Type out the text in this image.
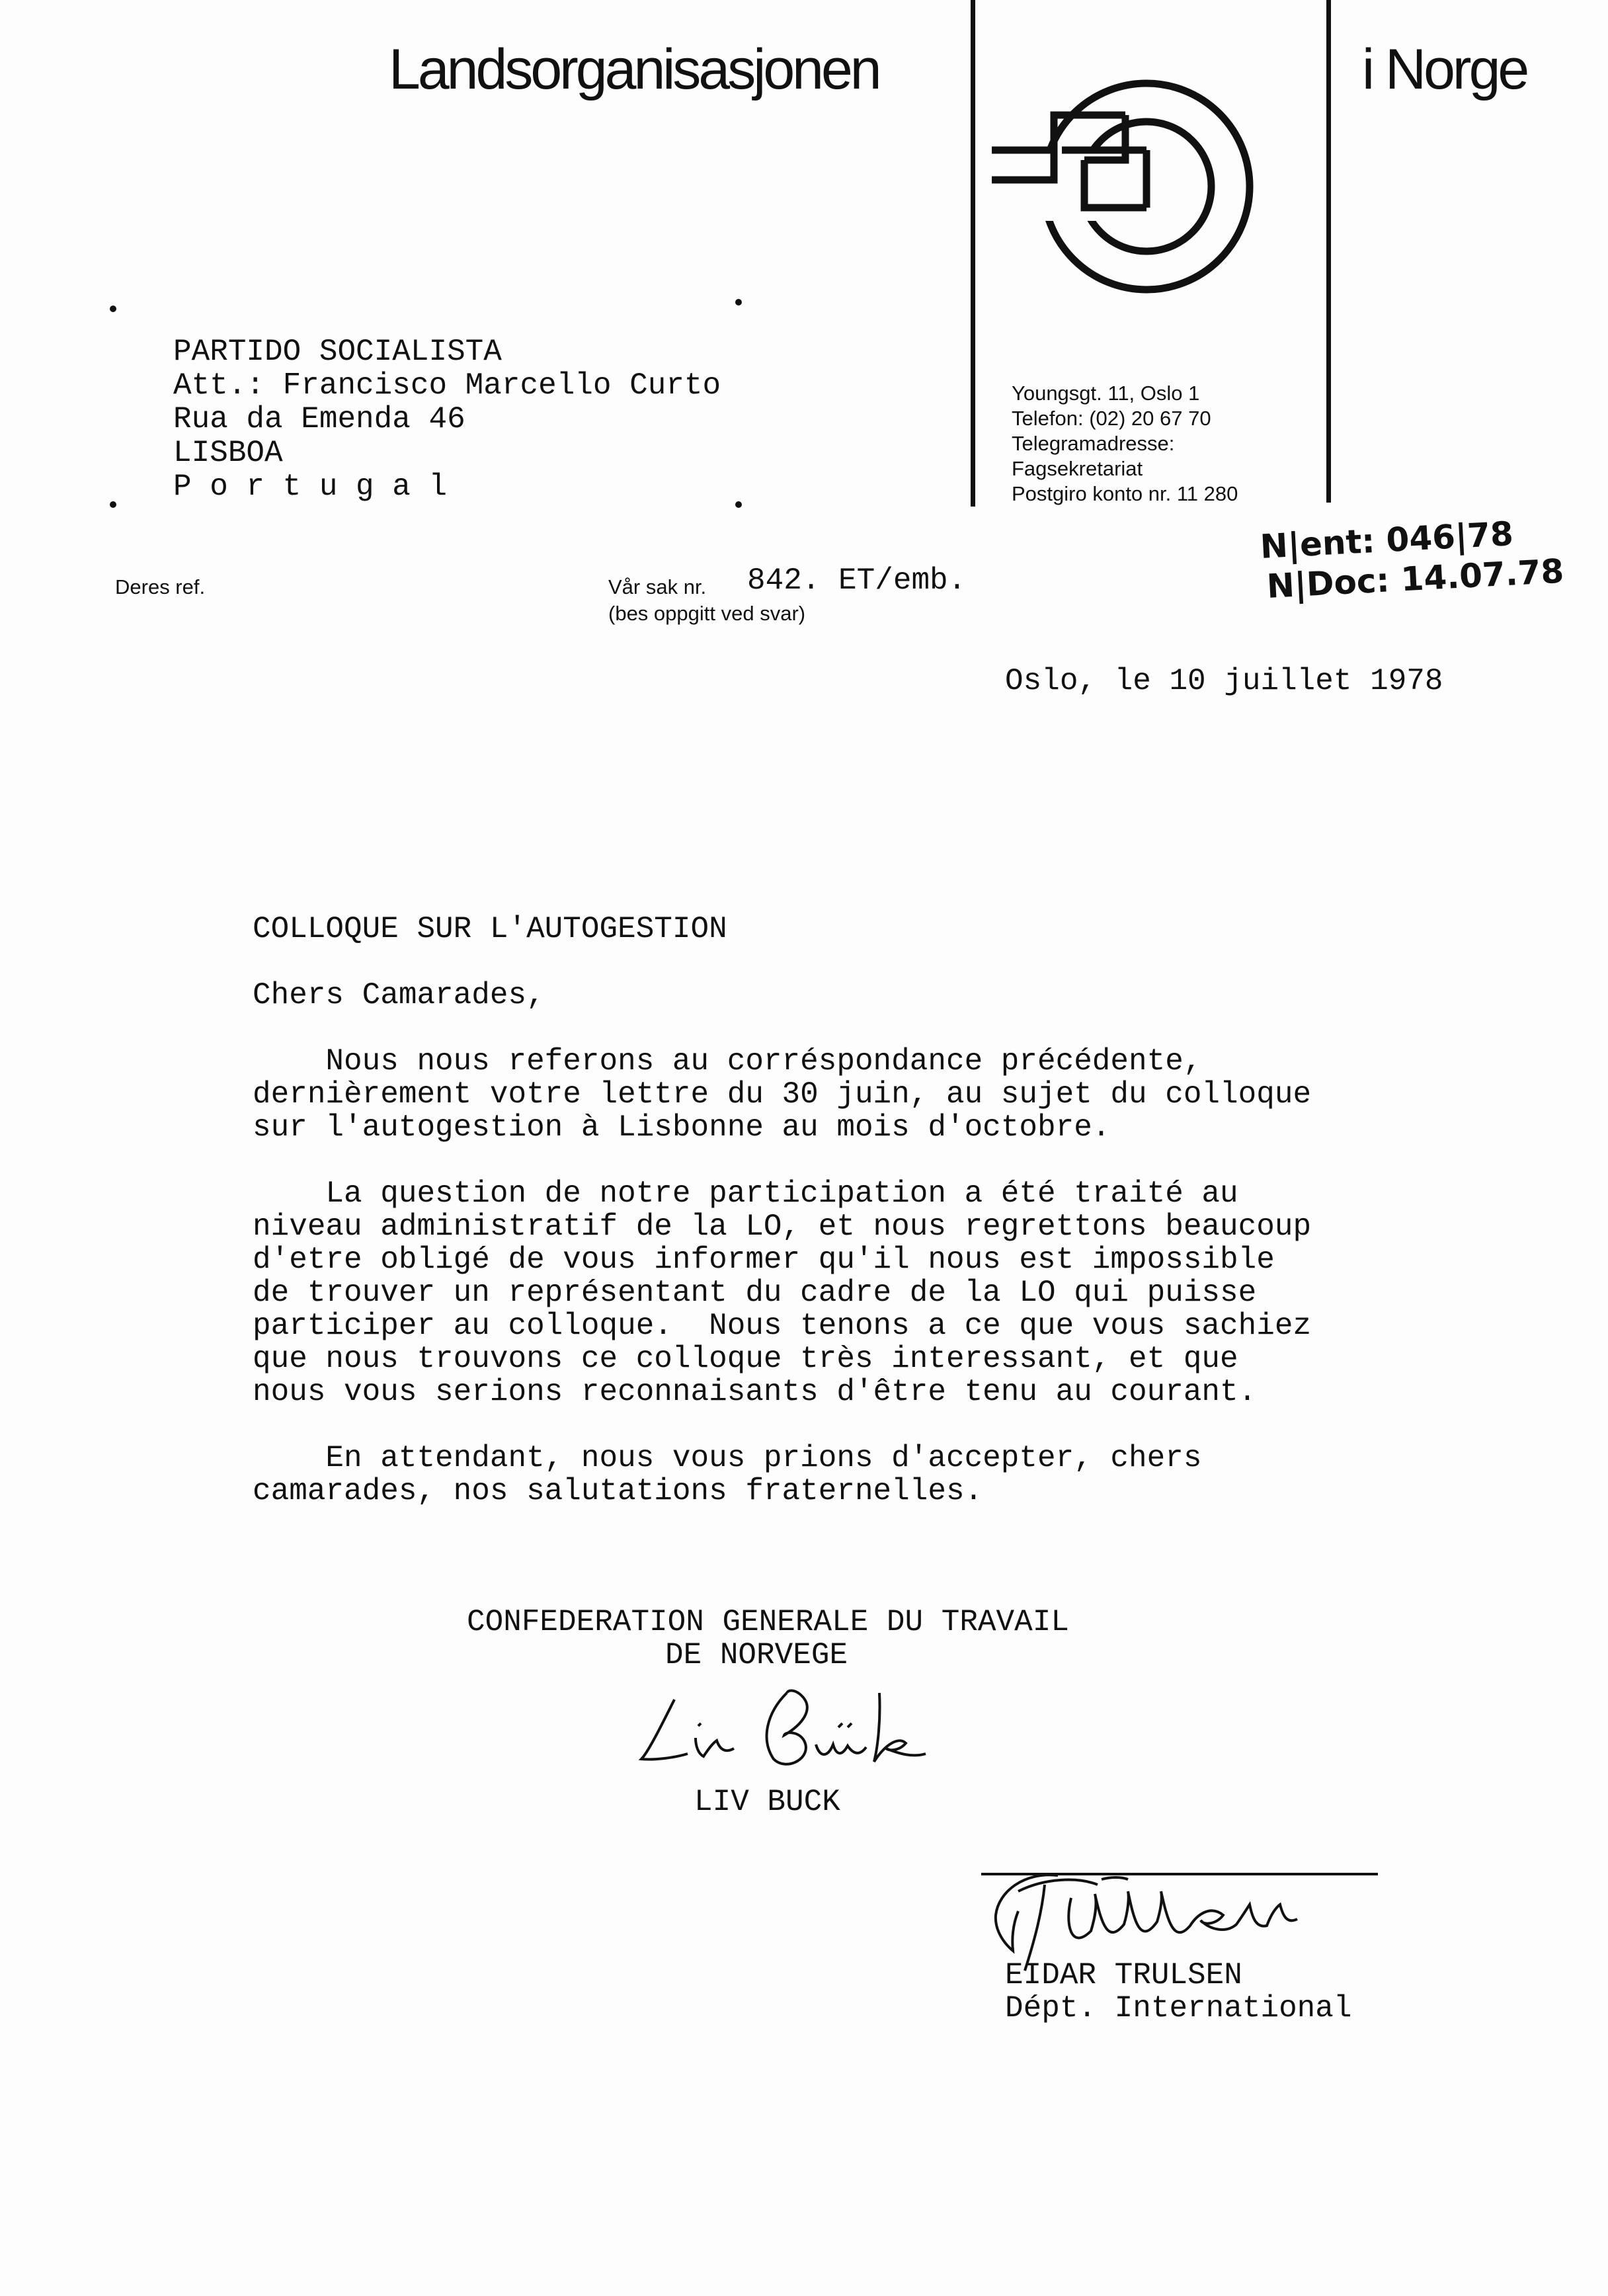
Landsorganisasjonen	i Norge
Youngsgt. 11, Oslo 1
Telefon: (02) 20 67 70
Telegramadresse:
Fagsekretariat
Postgiro konto nr. 11 280
PARTIDO SOCIALISTA
Att.: Francisco Marcello Curto
Rua da Emenda 46
LISBOA
P o r t u g a l
Deres ref.	Vår sak nr. 842. ET/emb.
(bes oppgitt ved svar)
N|ent: 046|78
N|Doc: 14.07.78
Oslo, le 10 juillet 1978
COLLOQUE SUR L'AUTOGESTION
Chers Camarades,
Nous nous referons au corréspondance précédente,
dernièrement votre lettre du 30 juin, au sujet du colloque
sur l'autogestion à Lisbonne au mois d'octobre.
La question de notre participation a été traité au
niveau administratif de la LO, et nous regrettons beaucoup
d'etre obligé de vous informer qu'il nous est impossible
de trouver un représentant du cadre de la LO qui puisse
participer au colloque.  Nous tenons a ce que vous sachiez
que nous trouvons ce colloque très interessant, et que
nous vous serions reconnaisants d'être tenu au courant.
En attendant, nous vous prions d'accepter, chers
camarades, nos salutations fraternelles.
CONFEDERATION GENERALE DU TRAVAIL
DE NORVEGE
LIV BUCK
EIDAR TRULSEN
Dépt. International
